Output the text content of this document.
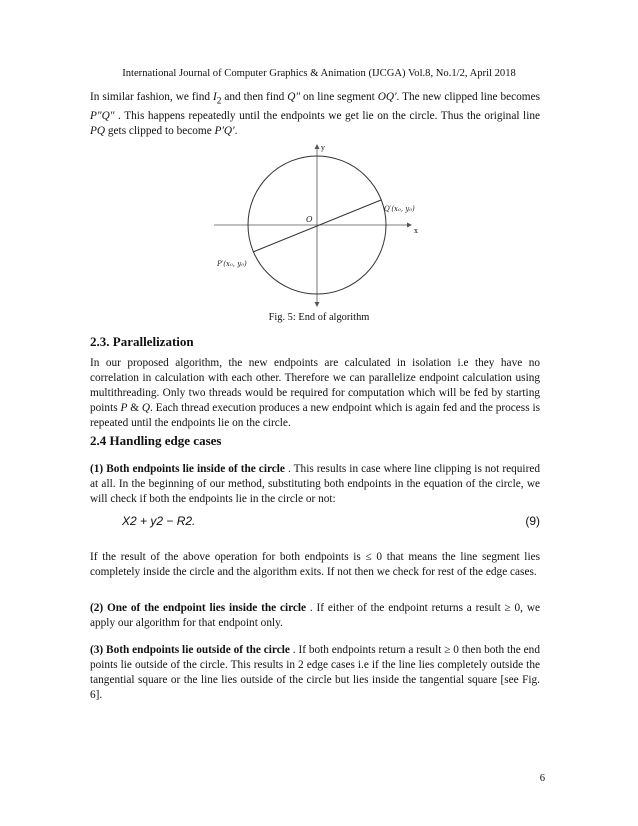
International Journal of Computer Graphics & Animation (IJCGA) Vol.8, No.1/2, April 2018

In similar fashion, we find $I_2$ and then find Q″ on line segment OQ′. The new clipped line becomes P″Q″ . This happens repeatedly until the endpoints we get lie on the circle. Thus the original line PQ gets clipped to become P′Q′.

y
x
O
Q′(x₀, y₀)
P′(x₀, y₀)
Fig. 5: End of algorithm
2.3. Parallelization

In our proposed algorithm, the new endpoints are calculated in isolation i.e they have no correlation in calculation with each other. Therefore we can parallelize endpoint calculation using multithreading. Only two threads would be required for computation which will be fed by starting points P & Q. Each thread execution produces a new endpoint which is again fed and the process is repeated until the endpoints lie on the circle.

2.4 Handling edge cases

(1) Both endpoints lie inside of the circle . This results in case where line clipping is not required at all. In the beginning of our method, substituting both endpoints in the equation of the circle, we will check if both the endpoints lie in the circle or not:

X2 + y2 − R2.	(9)

If the result of the above operation for both endpoints is ≤ 0 that means the line segment lies completely inside the circle and the algorithm exits. If not then we check for rest of the edge cases.

(2) One of the endpoint lies inside the circle . If either of the endpoint returns a result ≥ 0, we apply our algorithm for that endpoint only.

(3) Both endpoints lie outside of the circle . If both endpoints return a result ≥ 0 then both the end points lie outside of the circle. This results in 2 edge cases i.e if the line lies completely outside the tangential square or the line lies outside of the circle but lies inside the tangential square [see Fig. 6].

6
